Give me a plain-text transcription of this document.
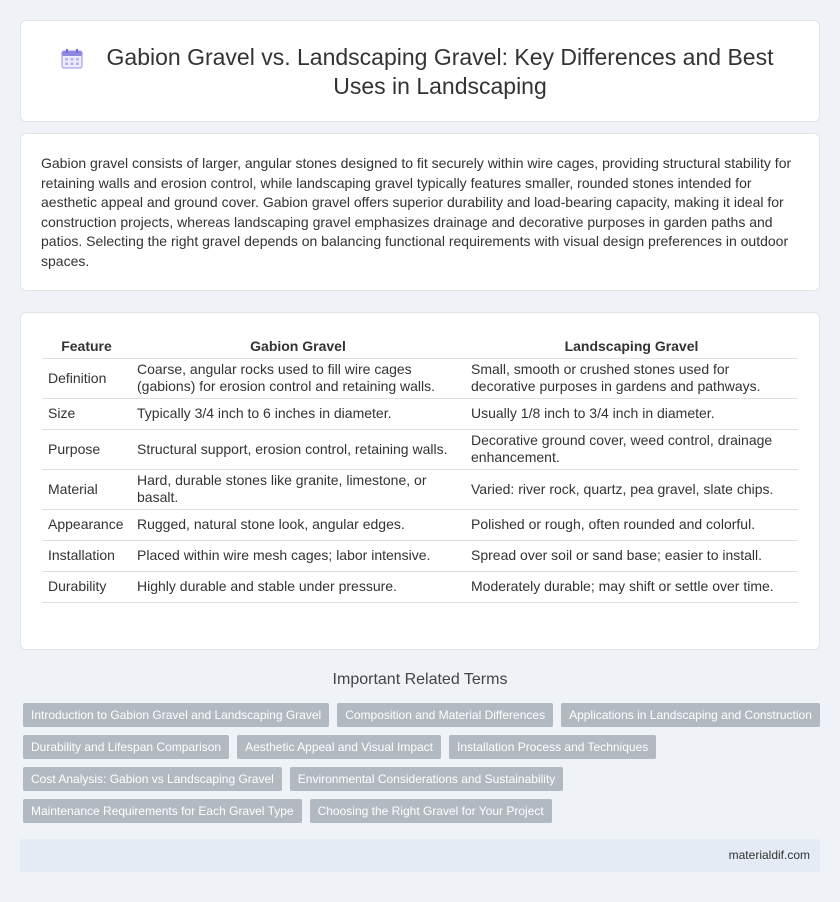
Gabion Gravel vs. Landscaping Gravel: Key Differences and Best Uses in Landscaping

Gabion gravel consists of larger, angular stones designed to fit securely within wire cages, providing structural stability for retaining walls and erosion control, while landscaping gravel typically features smaller, rounded stones intended for aesthetic appeal and ground cover. Gabion gravel offers superior durability and load-bearing capacity, making it ideal for construction projects, whereas landscaping gravel emphasizes drainage and decorative purposes in garden paths and patios. Selecting the right gravel depends on balancing functional requirements with visual design preferences in outdoor spaces.

Feature	Gabion Gravel	Landscaping Gravel
Definition	Coarse, angular rocks used to fill wire cages (gabions) for erosion control and retaining walls.	Small, smooth or crushed stones used for decorative purposes in gardens and pathways.
Size	Typically 3/4 inch to 6 inches in diameter.	Usually 1/8 inch to 3/4 inch in diameter.
Purpose	Structural support, erosion control, retaining walls.	Decorative ground cover, weed control, drainage enhancement.
Material	Hard, durable stones like granite, limestone, or basalt.	Varied: river rock, quartz, pea gravel, slate chips.
Appearance	Rugged, natural stone look, angular edges.	Polished or rough, often rounded and colorful.
Installation	Placed within wire mesh cages; labor intensive.	Spread over soil or sand base; easier to install.
Durability	Highly durable and stable under pressure.	Moderately durable; may shift or settle over time.
Important Related Terms
Introduction to Gabion Gravel and Landscaping Gravel	Composition and Material Differences	Applications in Landscaping and Construction
Durability and Lifespan Comparison	Aesthetic Appeal and Visual Impact	Installation Process and Techniques
Cost Analysis: Gabion vs Landscaping Gravel	Environmental Considerations and Sustainability
Maintenance Requirements for Each Gravel Type	Choosing the Right Gravel for Your Project
materialdif.com
